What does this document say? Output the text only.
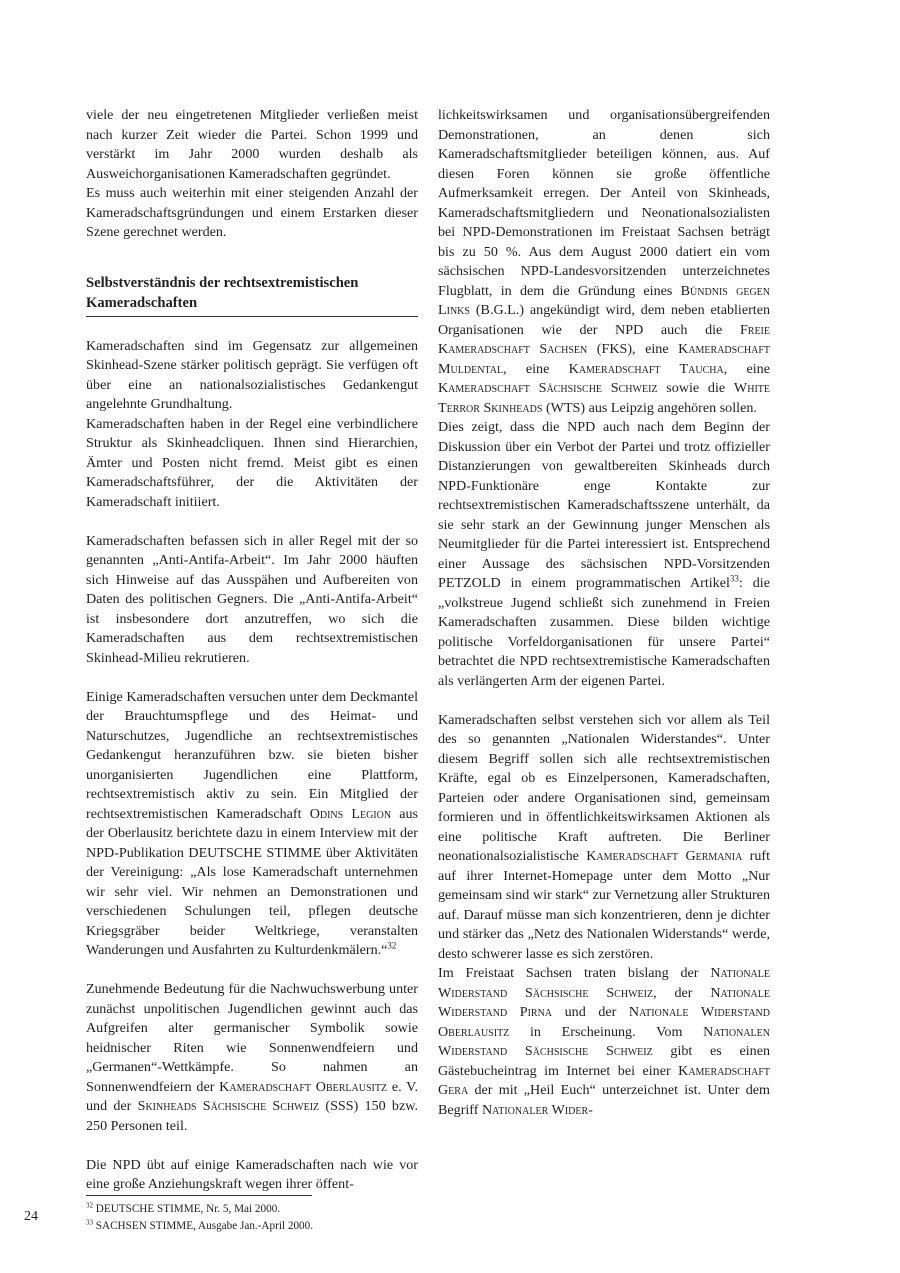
viele der neu eingetretenen Mitglieder verließen meist nach kurzer Zeit wieder die Partei. Schon 1999 und verstärkt im Jahr 2000 wurden deshalb als Ausweichorganisationen Kameradschaften gegründet.

Es muss auch weiterhin mit einer steigenden Anzahl der Kameradschaftsgründungen und einem Erstarken dieser Szene gerechnet werden.

Selbstverständnis der rechtsextremistischen Kameradschaften

Kameradschaften sind im Gegensatz zur allgemeinen Skinhead-Szene stärker politisch geprägt. Sie verfügen oft über eine an nationalsozialistisches Gedankengut angelehnte Grundhaltung.

Kameradschaften haben in der Regel eine verbindlichere Struktur als Skinheadcliquen. Ihnen sind Hierarchien, Ämter und Posten nicht fremd. Meist gibt es einen Kameradschaftsführer, der die Aktivitäten der Kameradschaft initiiert.

Kameradschaften befassen sich in aller Regel mit der so genannten „Anti-Antifa-Arbeit“. Im Jahr 2000 häuften sich Hinweise auf das Ausspähen und Aufbereiten von Daten des politischen Gegners. Die „Anti-Antifa-Arbeit“ ist insbesondere dort anzutreffen, wo sich die Kameradschaften aus dem rechtsextremistischen Skinhead-Milieu rekrutieren.

Einige Kameradschaften versuchen unter dem Deckmantel der Brauchtumspflege und des Heimat- und Naturschutzes, Jugendliche an rechtsextremistisches Gedankengut heranzuführen bzw. sie bieten bisher unorganisierten Jugendlichen eine Plattform, rechtsextremistisch aktiv zu sein. Ein Mitglied der rechtsextremistischen Kameradschaft Odins Legion aus der Oberlausitz berichtete dazu in einem Interview mit der NPD-Publikation DEUTSCHE STIMME über Aktivitäten der Vereinigung: „Als lose Kameradschaft unternehmen wir sehr viel. Wir nehmen an Demonstrationen und verschiedenen Schulungen teil, pflegen deutsche Kriegsgräber beider Weltkriege, veranstalten Wanderungen und Ausfahrten zu Kulturdenkmälern.“$^{32}$

Zunehmende Bedeutung für die Nachwuchswerbung unter zunächst unpolitischen Jugendlichen gewinnt auch das Aufgreifen alter germanischer Symbolik sowie heidnischer Riten wie Sonnenwendfeiern und „Germanen“-Wettkämpfe. So nahmen an Sonnenwendfeiern der Kameradschaft Oberlausitz e. V. und der Skinheads Sächsische Schweiz (SSS) 150 bzw. 250 Personen teil.

Die NPD übt auf einige Kameradschaften nach wie vor eine große Anziehungskraft wegen ihrer öffent-

lichkeitswirksamen und organisationsübergreifenden Demonstrationen, an denen sich Kameradschaftsmitglieder beteiligen können, aus. Auf diesen Foren können sie große öffentliche Aufmerksamkeit erregen. Der Anteil von Skinheads, Kameradschaftsmitgliedern und Neonationalsozialisten bei NPD-Demonstrationen im Freistaat Sachsen beträgt bis zu 50 %. Aus dem August 2000 datiert ein vom sächsischen NPD-Landesvorsitzenden unterzeichnetes Flugblatt, in dem die Gründung eines Bündnis gegen Links (B.G.L.) angekündigt wird, dem neben etablierten Organisationen wie der NPD auch die Freie Kameradschaft Sachsen (FKS), eine Kameradschaft Muldental, eine Kameradschaft Taucha, eine Kameradschaft Sächsische Schweiz sowie die White Terror Skinheads (WTS) aus Leipzig angehören sollen.

Dies zeigt, dass die NPD auch nach dem Beginn der Diskussion über ein Verbot der Partei und trotz offizieller Distanzierungen von gewaltbereiten Skinheads durch NPD-Funktionäre enge Kontakte zur rechtsextremistischen Kameradschaftsszene unterhält, da sie sehr stark an der Gewinnung junger Menschen als Neumitglieder für die Partei interessiert ist. Entsprechend einer Aussage des sächsischen NPD-Vorsitzenden PETZOLD in einem programmatischen Artikel$^{33}$: die „volkstreue Jugend schließt sich zunehmend in Freien Kameradschaften zusammen. Diese bilden wichtige politische Vorfeldorganisationen für unsere Partei“ betrachtet die NPD rechtsextremistische Kameradschaften als verlängerten Arm der eigenen Partei.

Kameradschaften selbst verstehen sich vor allem als Teil des so genannten „Nationalen Widerstandes“. Unter diesem Begriff sollen sich alle rechtsextremistischen Kräfte, egal ob es Einzelpersonen, Kameradschaften, Parteien oder andere Organisationen sind, gemeinsam formieren und in öffentlichkeitswirksamen Aktionen als eine politische Kraft auftreten. Die Berliner neonationalsozialistische Kameradschaft Germania ruft auf ihrer Internet-Homepage unter dem Motto „Nur gemeinsam sind wir stark“ zur Vernetzung aller Strukturen auf. Darauf müsse man sich konzentrieren, denn je dichter und stärker das „Netz des Nationalen Widerstands“ werde, desto schwerer lasse es sich zerstören.

Im Freistaat Sachsen traten bislang der Nationale Widerstand Sächsische Schweiz, der Nationale Widerstand Pirna und der Nationale Widerstand Oberlausitz in Erscheinung. Vom Nationalen Widerstand Sächsische Schweiz gibt es einen Gästebucheintrag im Internet bei einer Kameradschaft Gera der mit „Heil Euch“ unterzeichnet ist. Unter dem Begriff Nationaler Wider-

$^{32}$ DEUTSCHE STIMME, Nr. 5, Mai 2000.
$^{33}$ SACHSEN STIMME, Ausgabe Jan.-April 2000.
24
